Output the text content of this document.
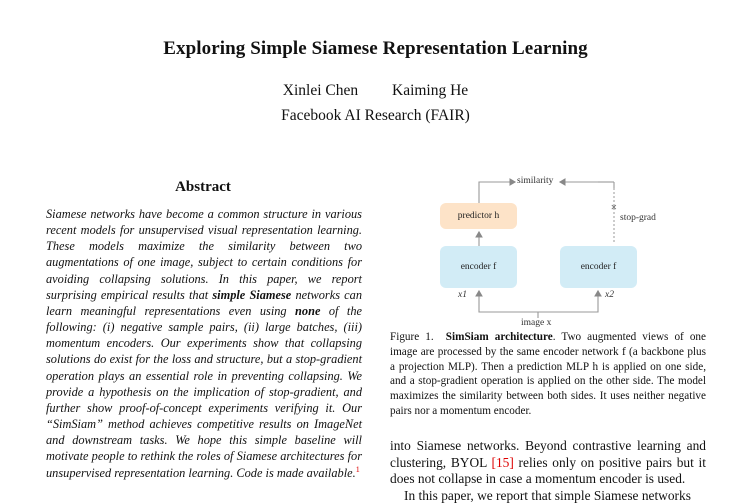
Exploring Simple Siamese Representation Learning
Xinlei Chen Kaiming He
Facebook AI Research (FAIR)
Abstract
Siamese networks have become a common structure in various recent models for unsupervised visual representation learning. These models maximize the similarity between two augmentations of one image, subject to certain conditions for avoiding collapsing solutions. In this paper, we report surprising empirical results that simple Siamese networks can learn meaningful representations even using none of the following: (i) negative sample pairs, (ii) large batches, (iii) momentum encoders. Our experiments show that collapsing solutions do exist for the loss and structure, but a stop-gradient operation plays an essential role in preventing collapsing. We provide a hypothesis on the implication of stop-gradient, and further show proof-of-concept experiments verifying it. Our “SimSiam” method achieves competitive results on ImageNet and downstream tasks. We hope this simple baseline will motivate people to rethink the roles of Siamese architectures for unsupervised representation learning. Code is made available.$^1$
✕
similarity
predictor h
encoder f	encoder f
stop-grad
x1	x2
image x
Figure 1. SimSiam architecture. Two augmented views of one image are processed by the same encoder network f (a backbone plus a projection MLP). Then a prediction MLP h is applied on one side, and a stop-gradient operation is applied on the other side. The model maximizes the similarity between both sides. It uses neither negative pairs nor a momentum encoder.
into Siamese networks. Beyond contrastive learning and clustering, BYOL [15] relies only on positive pairs but it does not collapse in case a momentum encoder is used.
In this paper, we report that simple Siamese networks
